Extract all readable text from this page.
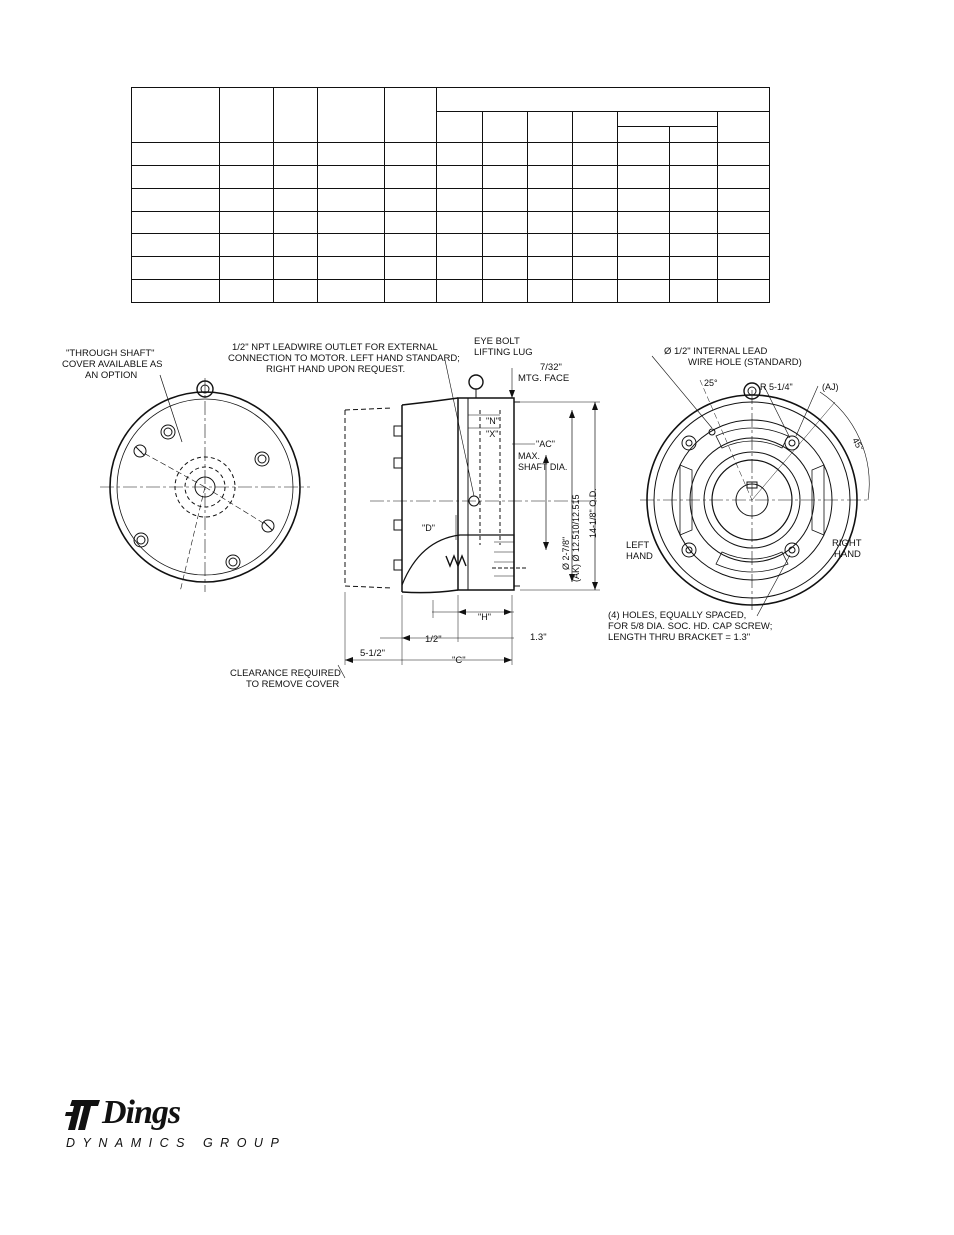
"THROUGH SHAFT"
COVER AVAILABLE AS
AN OPTION
1/2" NPT LEADWIRE OUTLET FOR EXTERNAL
CONNECTION TO MOTOR. LEFT HAND STANDARD;
RIGHT HAND UPON REQUEST.
EYE BOLT
LIFTING LUG
7/32"
MTG. FACE
"N"
"X"
"AC"
MAX.
SHAFT DIA.
"D"
"H"
Ø 2-7/8" (AK) Ø 12.510/12.515 14-1/8" O.D.
1/2"	1.3"
5-1/2"
"C"
CLEARANCE REQUIRED
TO REMOVE COVER
Ø 1/2" INTERNAL LEAD
WIRE HOLE (STANDARD)
25°	R 5-1/4"	(AJ)
45°
LEFT
HAND
RIGHT
HAND
(4) HOLES, EQUALLY SPACED,
FOR 5/8 DIA. SOC. HD. CAP SCREW;
LENGTH THRU BRACKET = 1.3"
Dings
DYNAMICS GROUP
